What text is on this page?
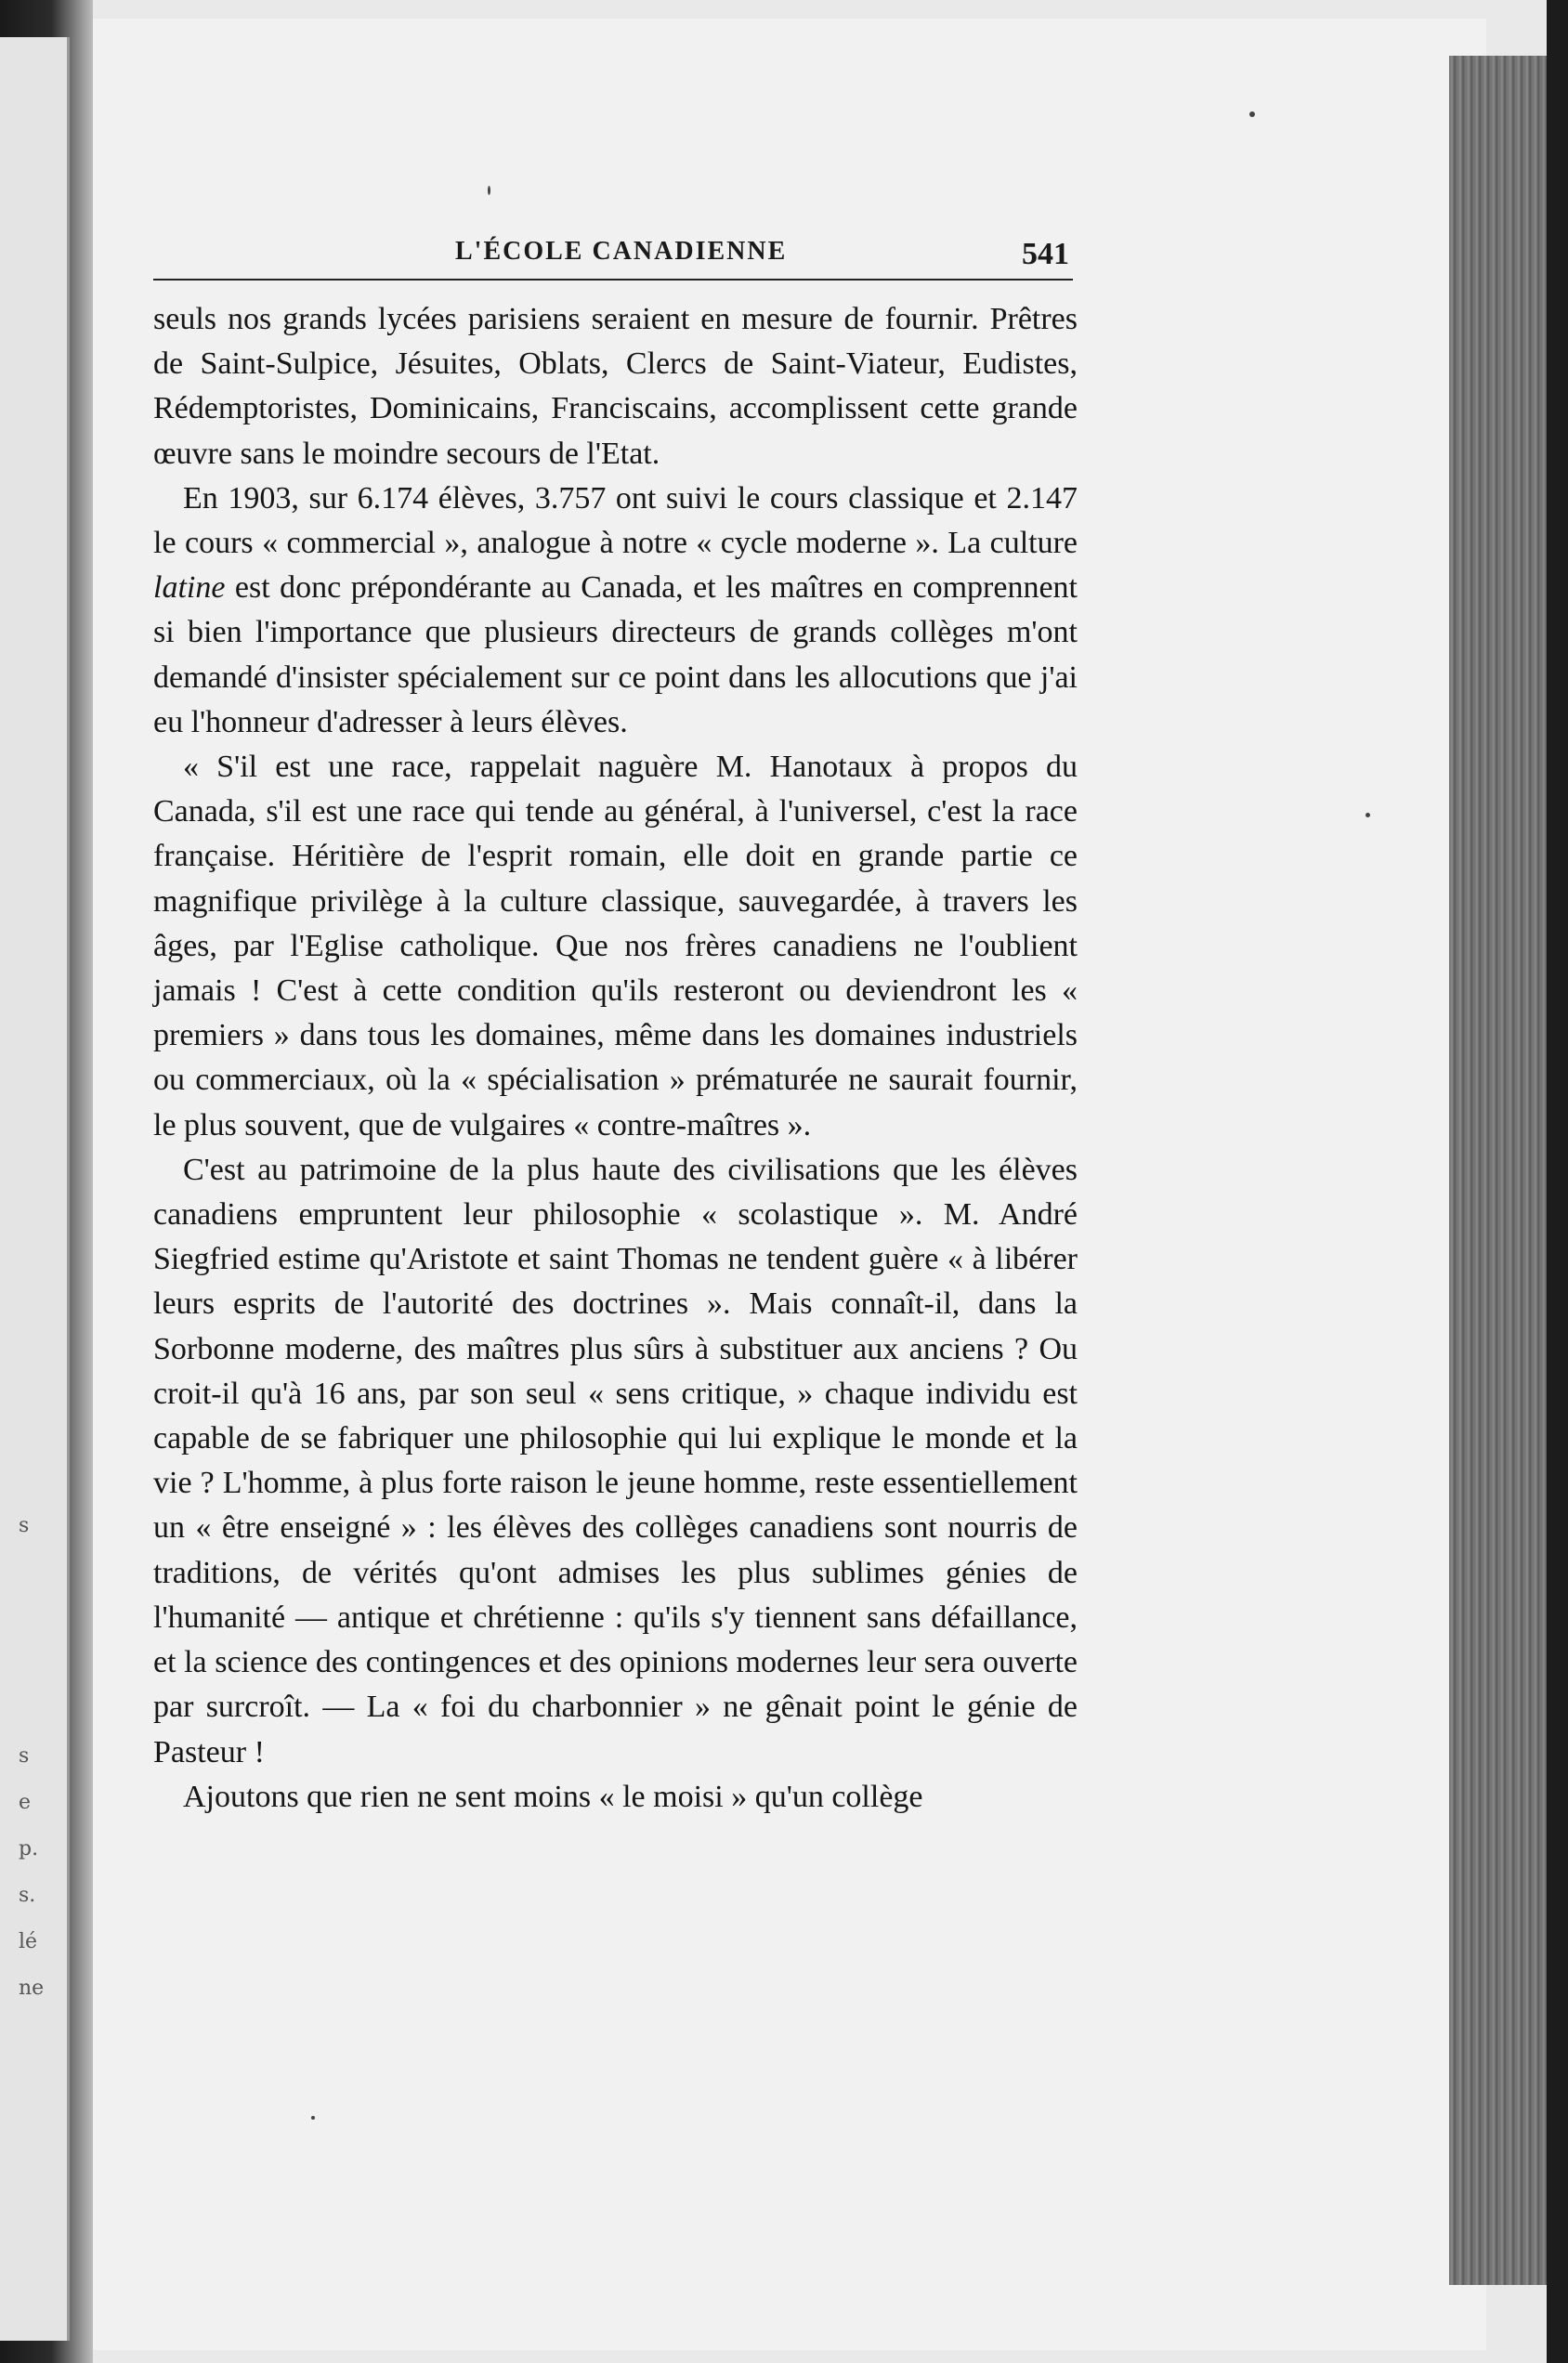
s
s
e
p.
s.
lé
ne
L'ÉCOLE CANADIENNE	541

seuls nos grands lycées parisiens seraient en mesure de fournir. Prêtres de Saint-Sulpice, Jésuites, Oblats, Clercs de Saint-Viateur, Eudistes, Rédemptoristes, Dominicains, Franciscains, accomplissent cette grande œuvre sans le moindre secours de l'Etat.

En 1903, sur 6.174 élèves, 3.757 ont suivi le cours classique et 2.147 le cours « commercial », analogue à notre « cycle moderne ». La culture latine est donc prépondérante au Canada, et les maîtres en comprennent si bien l'importance que plusieurs directeurs de grands collèges m'ont demandé d'insister spécialement sur ce point dans les allocutions que j'ai eu l'honneur d'adresser à leurs élèves.

« S'il est une race, rappelait naguère M. Hanotaux à propos du Canada, s'il est une race qui tende au général, à l'universel, c'est la race française. Héritière de l'esprit romain, elle doit en grande partie ce magnifique privilège à la culture classique, sauvegardée, à travers les âges, par l'Eglise catholique. Que nos frères canadiens ne l'oublient jamais ! C'est à cette condition qu'ils resteront ou deviendront les « premiers » dans tous les domaines, même dans les domaines industriels ou commerciaux, où la « spécialisation » prématurée ne saurait fournir, le plus souvent, que de vulgaires « contre-maîtres ».

C'est au patrimoine de la plus haute des civilisations que les élèves canadiens empruntent leur philosophie « scolastique ». M. André Siegfried estime qu'Aristote et saint Thomas ne tendent guère « à libérer leurs esprits de l'autorité des doctrines ». Mais connaît-il, dans la Sorbonne moderne, des maîtres plus sûrs à substituer aux anciens ? Ou croit-il qu'à 16 ans, par son seul « sens critique, » chaque individu est capable de se fabriquer une philosophie qui lui explique le monde et la vie ? L'homme, à plus forte raison le jeune homme, reste essentiellement un « être enseigné » : les élèves des collèges canadiens sont nourris de traditions, de vérités qu'ont admises les plus sublimes génies de l'humanité — antique et chrétienne : qu'ils s'y tiennent sans défaillance, et la science des contingences et des opinions modernes leur sera ouverte par surcroît. — La « foi du charbonnier » ne gênait point le génie de Pasteur !

Ajoutons que rien ne sent moins « le moisi » qu'un collège
